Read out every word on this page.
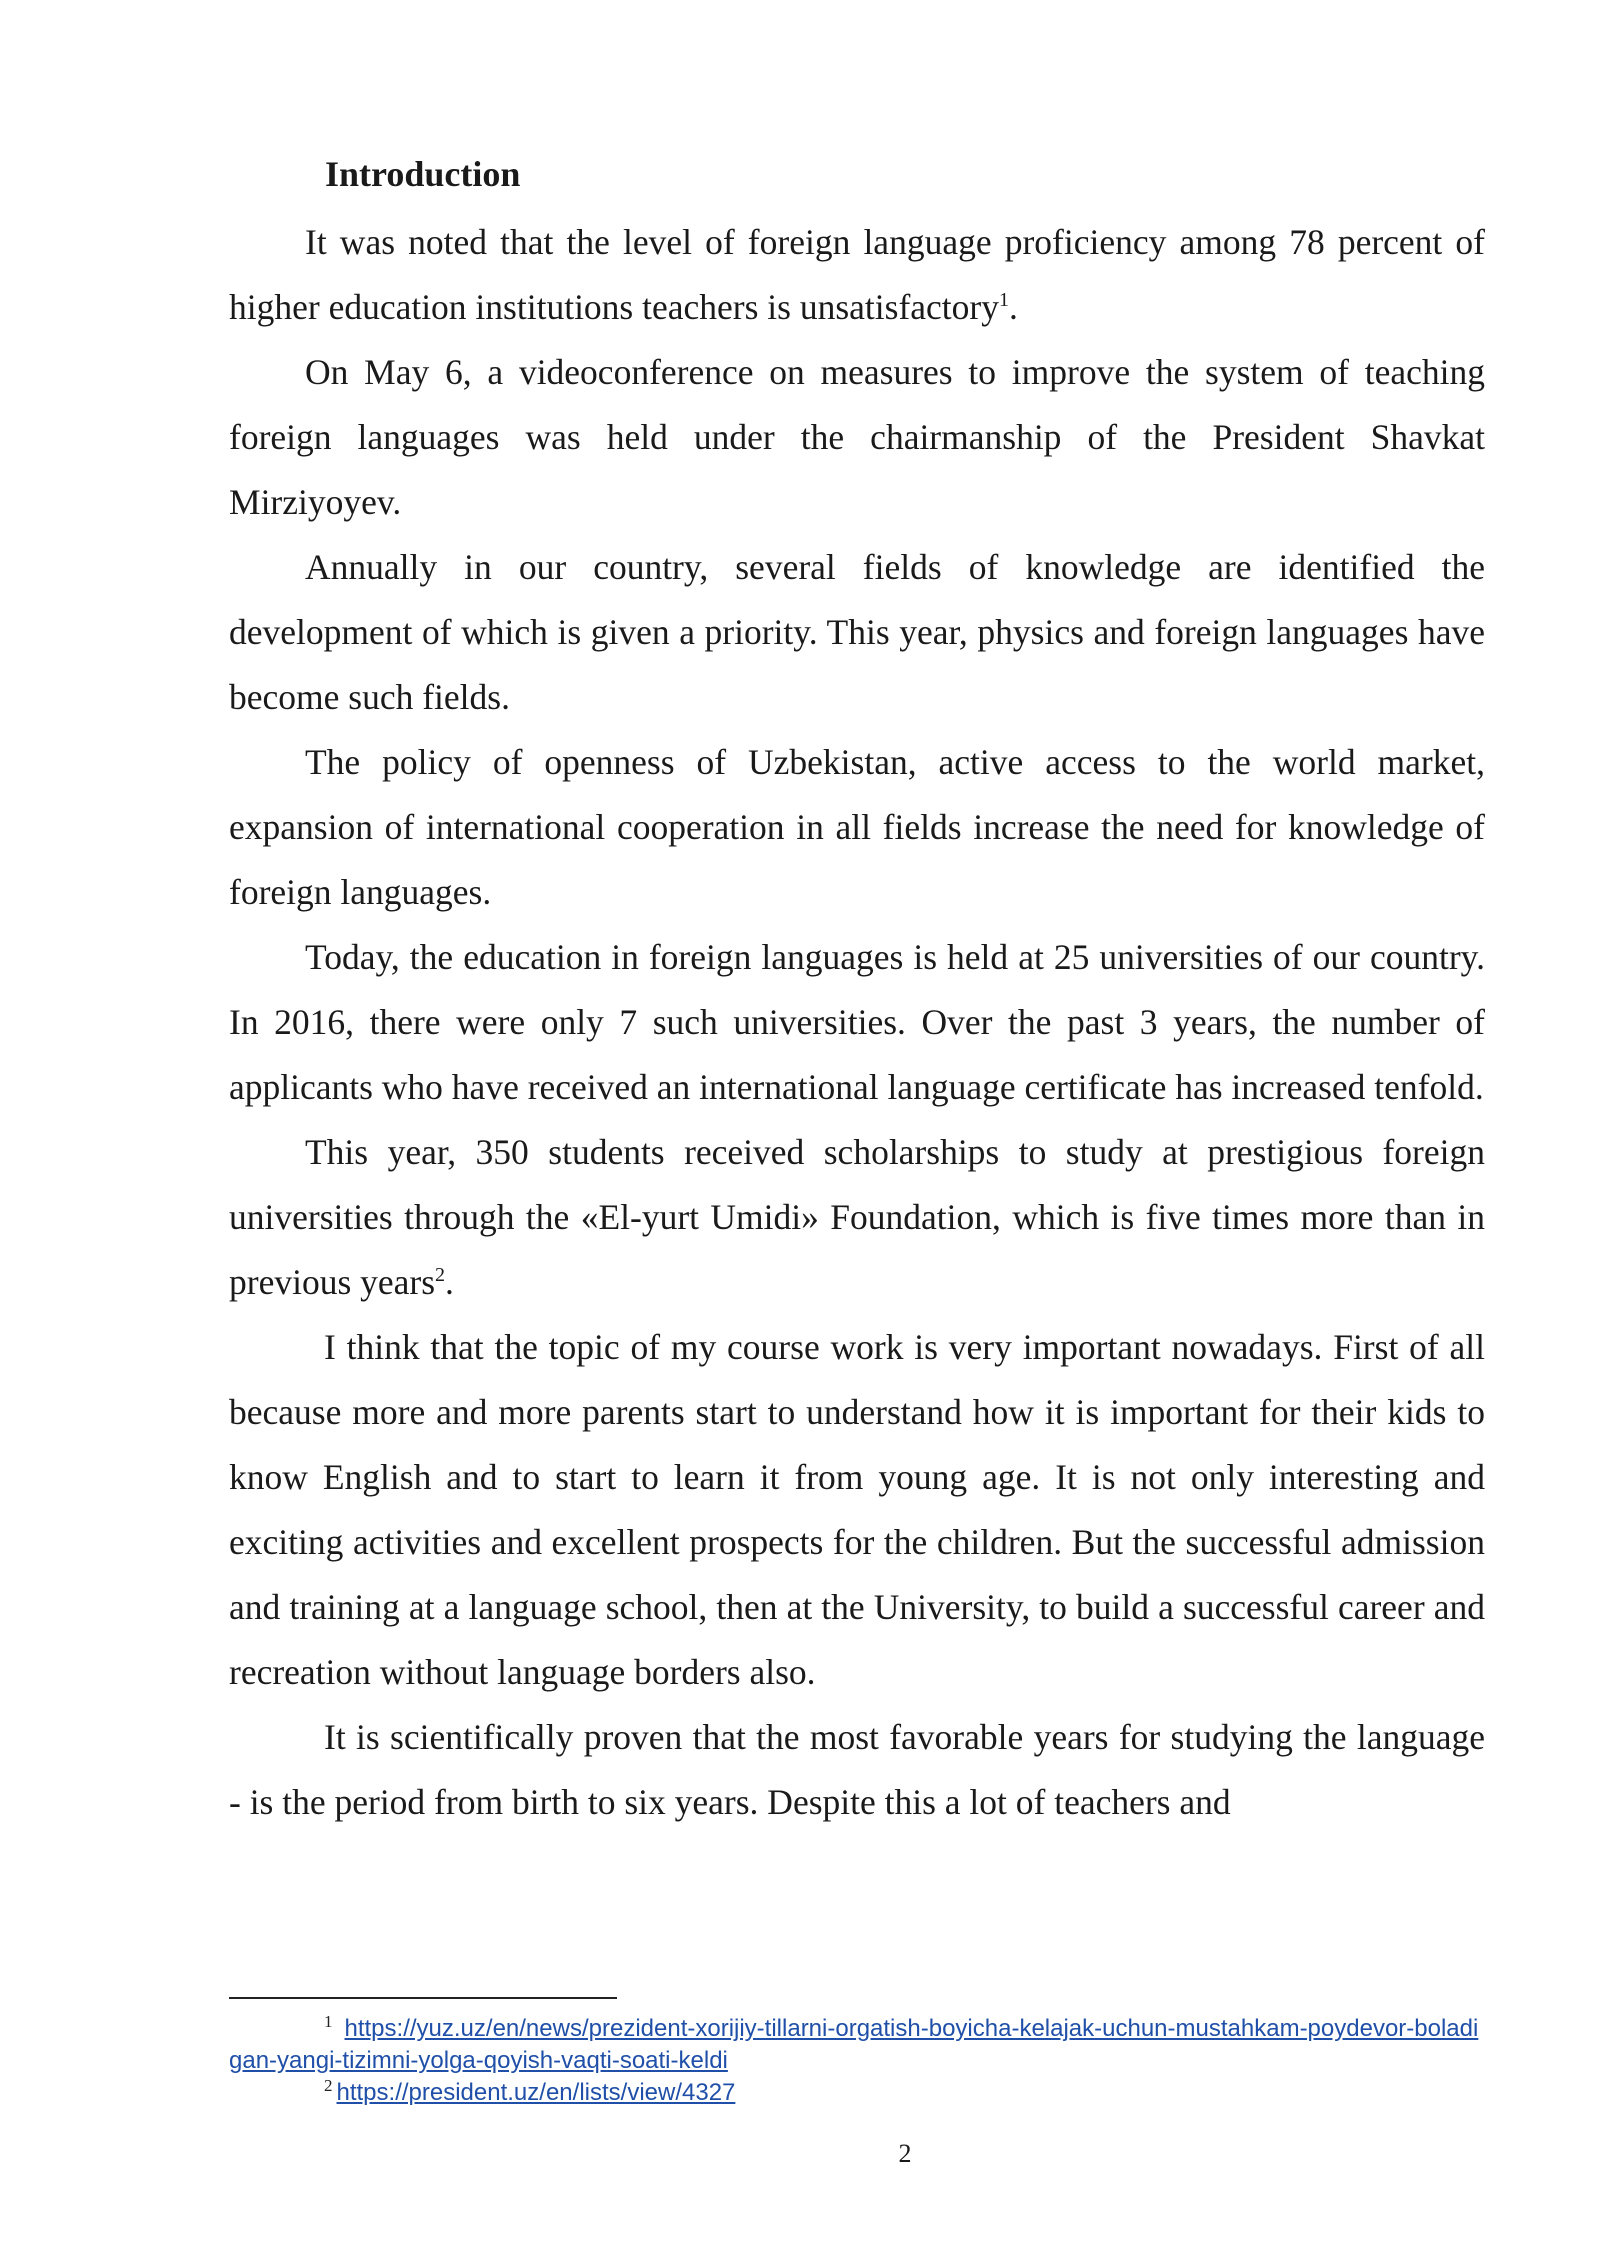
Introduction

It was noted that the level of foreign language proficiency among 78 percent of higher education institutions teachers is unsatisfactory$^1$.

On May 6, a videoconference on measures to improve the system of teaching foreign languages was held under the chairmanship of the President Shavkat Mirziyoyev.

Annually in our country, several fields of knowledge are identified the development of which is given a priority. This year, physics and foreign languages have become such fields.

The policy of openness of Uzbekistan, active access to the world market, expansion of international cooperation in all fields increase the need for knowledge of foreign languages.

Today, the education in foreign languages is held at 25 universities of our country. In 2016, there were only 7 such universities. Over the past 3 years, the number of applicants who have received an international language certificate has increased tenfold.

This year, 350 students received scholarships to study at prestigious foreign universities through the «El-yurt Umidi» Foundation, which is five times more than in previous years$^2$.

I think that the topic of my course work is very important nowadays. First of all because more and more parents start to understand how it is important for their kids to know English and to start to learn it from young age. It is not only interesting and exciting activities and excellent prospects for the children. But the successful admission and training at a language school, then at the University, to build a successful career and recreation without language borders also.

It is scientifically proven that the most favorable years for studying the language - is the period from birth to six years. Despite this a lot of teachers and

$^1$ https://yuz.uz/en/news/prezident-xorijiy-tillarni-orgatish-boyicha-kelajak-uchun-mustahkam-poydevor-boladigan-yangi-tizimni-yolga-qoyish-vaqti-soati-keldi

$^2$ https://president.uz/en/lists/view/4327

2
